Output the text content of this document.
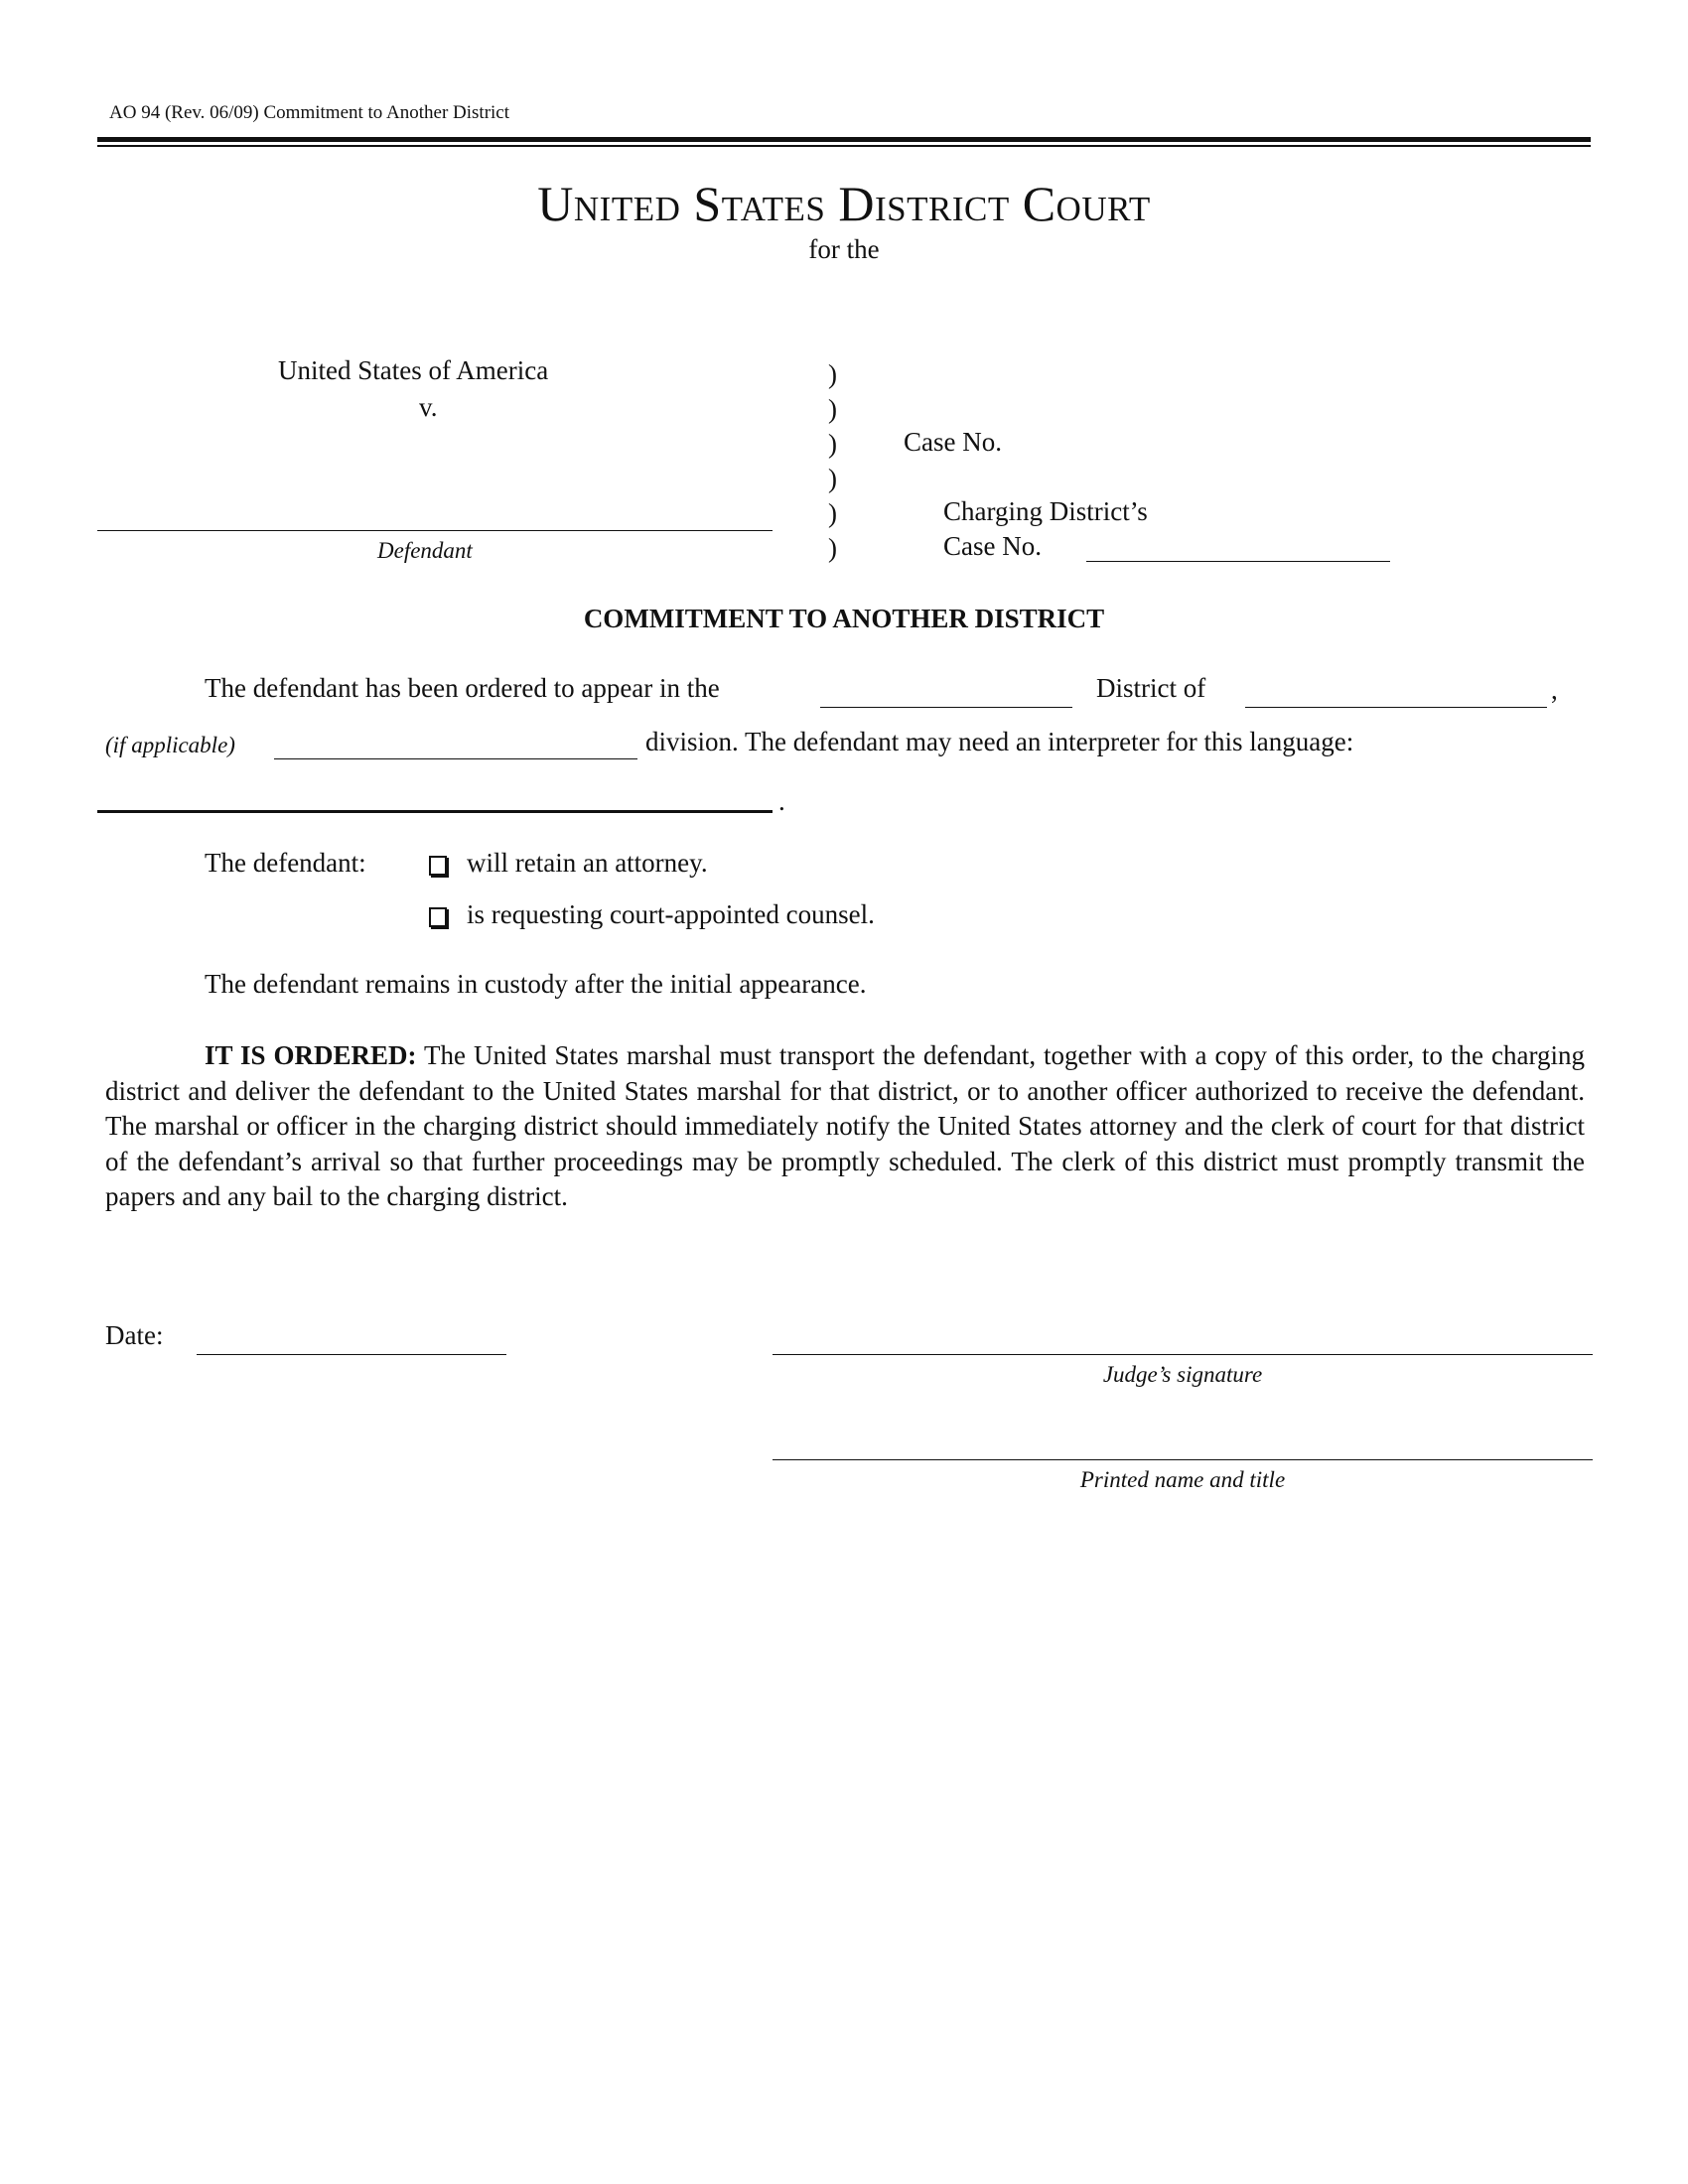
AO 94 (Rev. 06/09) Commitment to Another District
United States District Court
for the
United States of America
v.
Defendant
)
)
)
)
)
)
Case No.
Charging District’s
Case No.
COMMITMENT TO ANOTHER DISTRICT
The defendant has been ordered to appear in the	District of	,
(if applicable)	division. The defendant may need an interpreter for this language:
.
The defendant:	will retain an attorney.
is requesting court-appointed counsel.
The defendant remains in custody after the initial appearance.
IT IS ORDERED: The United States marshal must transport the defendant, together with a copy of this order, to the charging district and deliver the defendant to the United States marshal for that district, or to another officer authorized to receive the defendant. The marshal or officer in the charging district should immediately notify the United States attorney and the clerk of court for that district of the defendant’s arrival so that further proceedings may be promptly scheduled. The clerk of this district must promptly transmit the papers and any bail to the charging district.
Date:
Judge’s signature
Printed name and title
